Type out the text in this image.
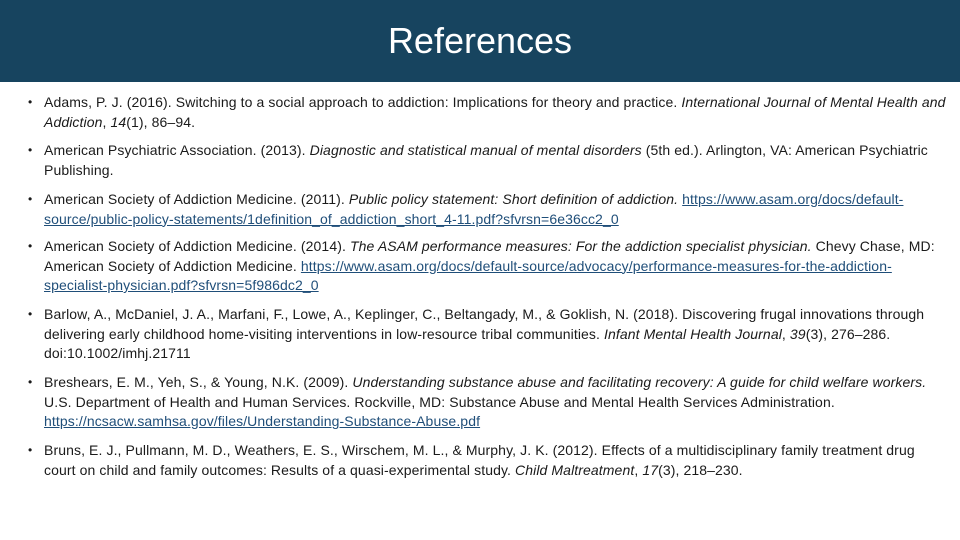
References
• Adams, P. J. (2016). Switching to a social approach to addiction: Implications for theory and practice. International Journal of Mental Health and Addiction, 14(1), 86–94.
• American Psychiatric Association. (2013). Diagnostic and statistical manual of mental disorders (5th ed.). Arlington, VA: American Psychiatric Publishing.
• American Society of Addiction Medicine. (2011). Public policy statement: Short definition of addiction. https://www.asam.org/docs/default-source/public-policy-statements/1definition_of_addiction_short_4-11.pdf?sfvrsn=6e36cc2_0
• American Society of Addiction Medicine. (2014). The ASAM performance measures: For the addiction specialist physician. Chevy Chase, MD: American Society of Addiction Medicine. https://www.asam.org/docs/default-source/advocacy/performance-measures-for-the-addiction-specialist-physician.pdf?sfvrsn=5f986dc2_0
• Barlow, A., McDaniel, J. A., Marfani, F., Lowe, A., Keplinger, C., Beltangady, M., & Goklish, N. (2018). Discovering frugal innovations through delivering early childhood home‐visiting interventions in low‐resource tribal communities. Infant Mental Health Journal, 39(3), 276–286. doi:10.1002/imhj.21711
• Breshears, E. M., Yeh, S., & Young, N.K. (2009). Understanding substance abuse and facilitating recovery: A guide for child welfare workers. U.S. Department of Health and Human Services. Rockville, MD: Substance Abuse and Mental Health Services Administration. https://ncsacw.samhsa.gov/files/Understanding-Substance-Abuse.pdf
• Bruns, E. J., Pullmann, M. D., Weathers, E. S., Wirschem, M. L., & Murphy, J. K. (2012). Effects of a multidisciplinary family treatment drug court on child and family outcomes: Results of a quasi-experimental study. Child Maltreatment, 17(3), 218–230.
